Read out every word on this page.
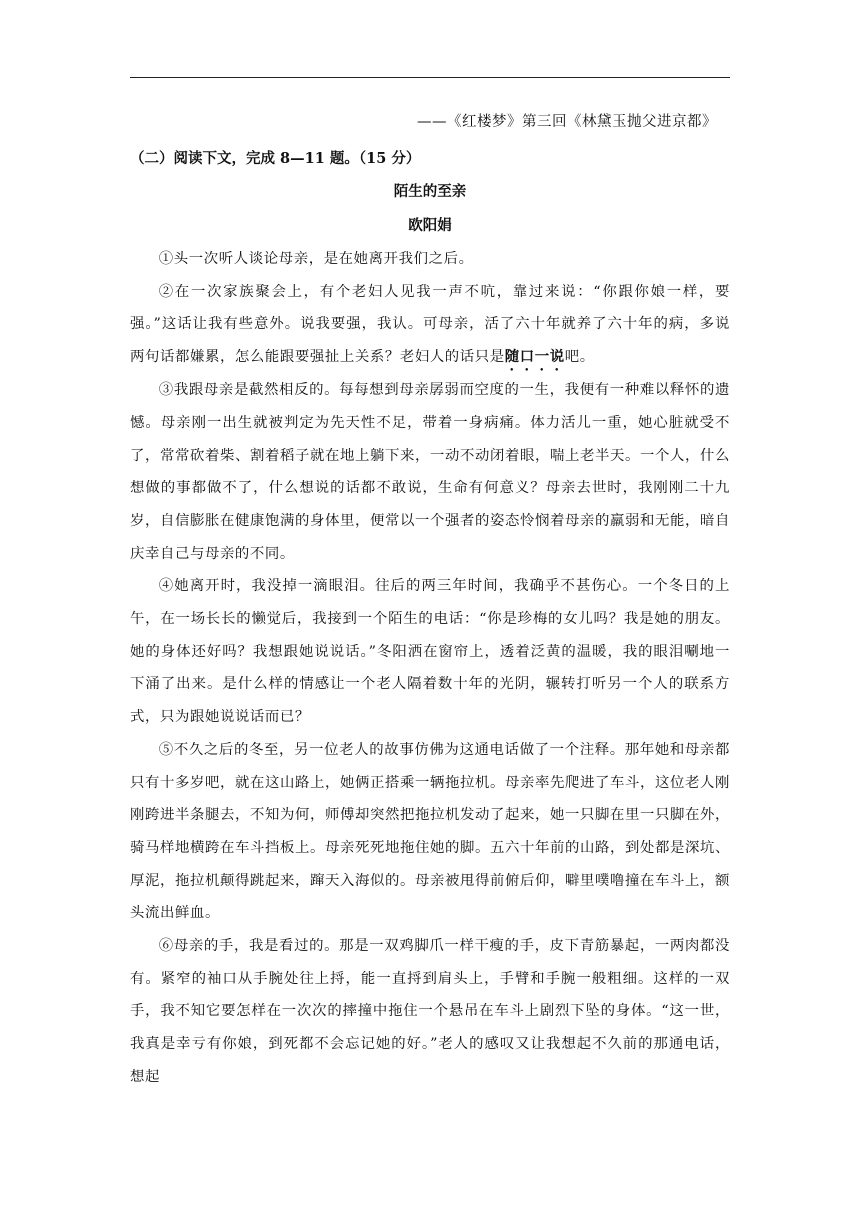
——《红楼梦》第三回《林黛玉抛父进京都》
（二）阅读下文，完成 8—11 题。（15 分）
陌生的至亲
欧阳娟

①头一次听人谈论母亲，是在她离开我们之后。

②在一次家族聚会上，有个老妇人见我一声不吭，靠过来说：“你跟你娘一样，要强。”这话让我有些意外。说我要强，我认。可母亲，活了六十年就养了六十年的病，多说两句话都嫌累，怎么能跟要强扯上关系？老妇人的话只是随口一说吧。

③我跟母亲是截然相反的。每每想到母亲孱弱而空度的一生，我便有一种难以释怀的遗憾。母亲刚一出生就被判定为先天性不足，带着一身病痛。体力活儿一重，她心脏就受不了，常常砍着柴、割着稻子就在地上躺下来，一动不动闭着眼，喘上老半天。一个人，什么想做的事都做不了，什么想说的话都不敢说，生命有何意义？母亲去世时，我刚刚二十九岁，自信膨胀在健康饱满的身体里，便常以一个强者的姿态怜悯着母亲的羸弱和无能，暗自庆幸自己与母亲的不同。

④她离开时，我没掉一滴眼泪。往后的两三年时间，我确乎不甚伤心。一个冬日的上午，在一场长长的懒觉后，我接到一个陌生的电话：“你是珍梅的女儿吗？我是她的朋友。她的身体还好吗？我想跟她说说话。”冬阳洒在窗帘上，透着泛黄的温暖，我的眼泪唰地一下涌了出来。是什么样的情感让一个老人隔着数十年的光阴，辗转打听另一个人的联系方式，只为跟她说说话而已？

⑤不久之后的冬至，另一位老人的故事仿佛为这通电话做了一个注释。那年她和母亲都只有十多岁吧，就在这山路上，她俩正搭乘一辆拖拉机。母亲率先爬进了车斗，这位老人刚刚跨进半条腿去，不知为何，师傅却突然把拖拉机发动了起来，她一只脚在里一只脚在外，骑马样地横跨在车斗挡板上。母亲死死地拖住她的脚。五六十年前的山路，到处都是深坑、厚泥，拖拉机颠得跳起来，蹿天入海似的。母亲被甩得前俯后仰，噼里噗噜撞在车斗上，额头流出鲜血。

⑥母亲的手，我是看过的。那是一双鸡脚爪一样干瘦的手，皮下青筋暴起，一两肉都没有。紧窄的袖口从手腕处往上捋，能一直捋到肩头上，手臂和手腕一般粗细。这样的一双手，我不知它要怎样在一次次的摔撞中拖住一个悬吊在车斗上剧烈下坠的身体。“这一世，我真是幸亏有你娘，到死都不会忘记她的好。”老人的感叹又让我想起不久前的那通电话，想起
